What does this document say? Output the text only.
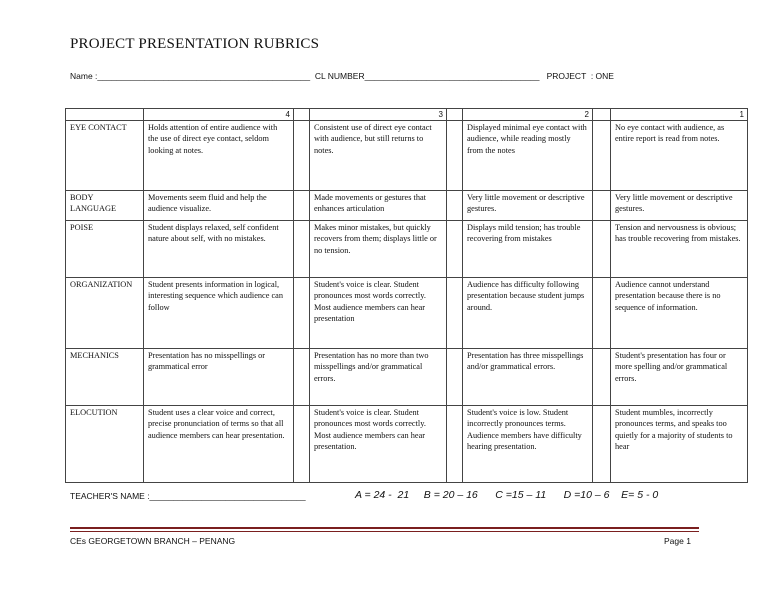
PROJECT PRESENTATION RUBRICS
Name :_____________________________________________  CL NUMBER_____________________________________   PROJECT  : ONE
	4		3		2		1
EYE CONTACT	Holds attention of entire audience with the use of direct eye contact, seldom looking at notes.		Consistent use of direct eye contact with audience, but still returns to notes.		Displayed minimal eye contact with audience, while reading mostly from the notes		No eye contact with audience, as entire report is read from notes.
BODY LANGUAGE	Movements seem fluid and help the audience visualize.		Made movements or gestures that enhances articulation		Very little movement or descriptive gestures.		Very little movement or descriptive gestures.
POISE	Student displays relaxed, self confident nature about self, with no mistakes.		Makes minor mistakes, but quickly recovers from them; displays little or no tension.		Displays mild tension; has trouble recovering from mistakes		Tension and nervousness is obvious; has trouble recovering from mistakes.
ORGANIZATION	Student presents information in logical, interesting sequence which audience can follow		Student's voice is clear. Student pronounces most words correctly. Most audience members can hear presentation		Audience has difficulty following presentation because student jumps around.		Audience cannot understand presentation because there is no sequence of information.
MECHANICS	Presentation has no misspellings or grammatical error		Presentation has no more than two misspellings and/or grammatical errors.		Presentation has three misspellings and/or grammatical errors.		Student's presentation has four or more spelling and/or grammatical errors.
ELOCUTION	Student uses a clear voice and correct, precise pronunciation of terms so that all audience members can hear presentation.		Student's voice is clear. Student pronounces most words correctly. Most audience members can hear presentation.		Student's voice is low. Student incorrectly pronounces terms. Audience members have difficulty hearing presentation.		Student mumbles, incorrectly pronounces terms, and speaks too quietly for a majority of students to hear
TEACHER'S NAME :_________________________________	A = 24 -  21     B = 20 – 16      C =15 – 11      D =10 – 6    E= 5 - 0
CEs GEORGETOWN BRANCH – PENANG	Page 1
